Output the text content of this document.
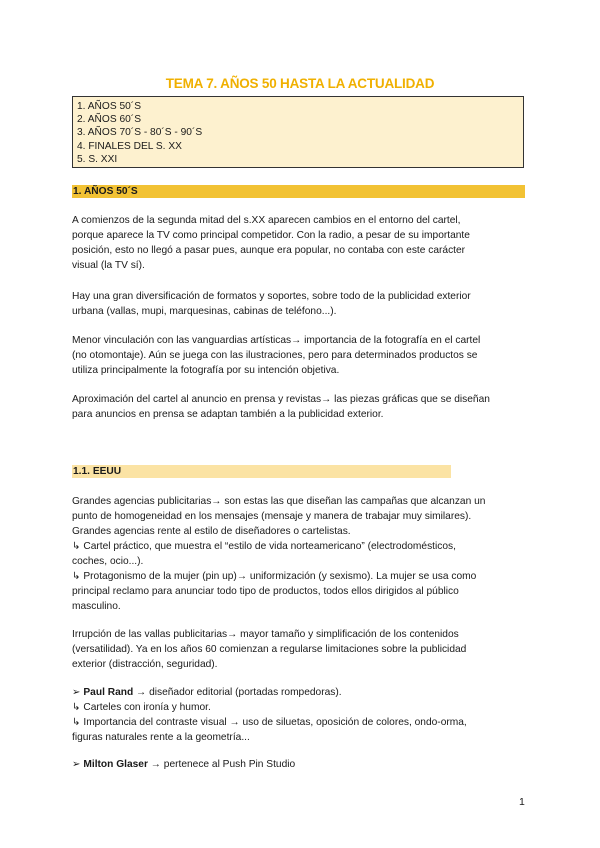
TEMA 7. AÑOS 50 HASTA LA ACTUALIDAD
1. AÑOS 50´S
2. AÑOS 60´S
3. AÑOS 70´S - 80´S - 90´S
4. FINALES DEL S. XX
5. S. XXI
1. AÑOS 50´S
A comienzos de la segunda mitad del s.XX aparecen cambios en el entorno del cartel,
porque aparece la TV como principal competidor. Con la radio, a pesar de su importante
posición, esto no llegó a pasar pues, aunque era popular, no contaba con este carácter
visual (la TV sí).
Hay una gran diversificación de formatos y soportes, sobre todo de la publicidad exterior
urbana (vallas, mupi, marquesinas, cabinas de teléfono...).
Menor vinculación con las vanguardias artísticas→ importancia de la fotografía en el cartel
(no otomontaje). Aún se juega con las ilustraciones, pero para determinados productos se
utiliza principalmente la fotografía por su intención objetiva.
Aproximación del cartel al anuncio en prensa y revistas→ las piezas gráficas que se diseñan
para anuncios en prensa se adaptan también a la publicidad exterior.
1.1. EEUU
Grandes agencias publicitarias→ son estas las que diseñan las campañas que alcanzan un
punto de homogeneidad en los mensajes (mensaje y manera de trabajar muy similares).
Grandes agencias rente al estilo de diseñadores o cartelistas.
↳ Cartel práctico, que muestra el “estilo de vida norteamericano” (electrodomésticos,
coches, ocio...).
↳ Protagonismo de la mujer (pin up)→ uniformización (y sexismo). La mujer se usa como
principal reclamo para anunciar todo tipo de productos, todos ellos dirigidos al público
masculino.
Irrupción de las vallas publicitarias→ mayor tamaño y simplificación de los contenidos
(versatilidad). Ya en los años 60 comienzan a regularse limitaciones sobre la publicidad
exterior (distracción, seguridad).
➢ Paul Rand → diseñador editorial (portadas rompedoras).
↳ Carteles con ironía y humor.
↳ Importancia del contraste visual → uso de siluetas, oposición de colores, ondo-orma,
figuras naturales rente a la geometría...
➢ Milton Glaser → pertenece al Push Pin Studio
1
